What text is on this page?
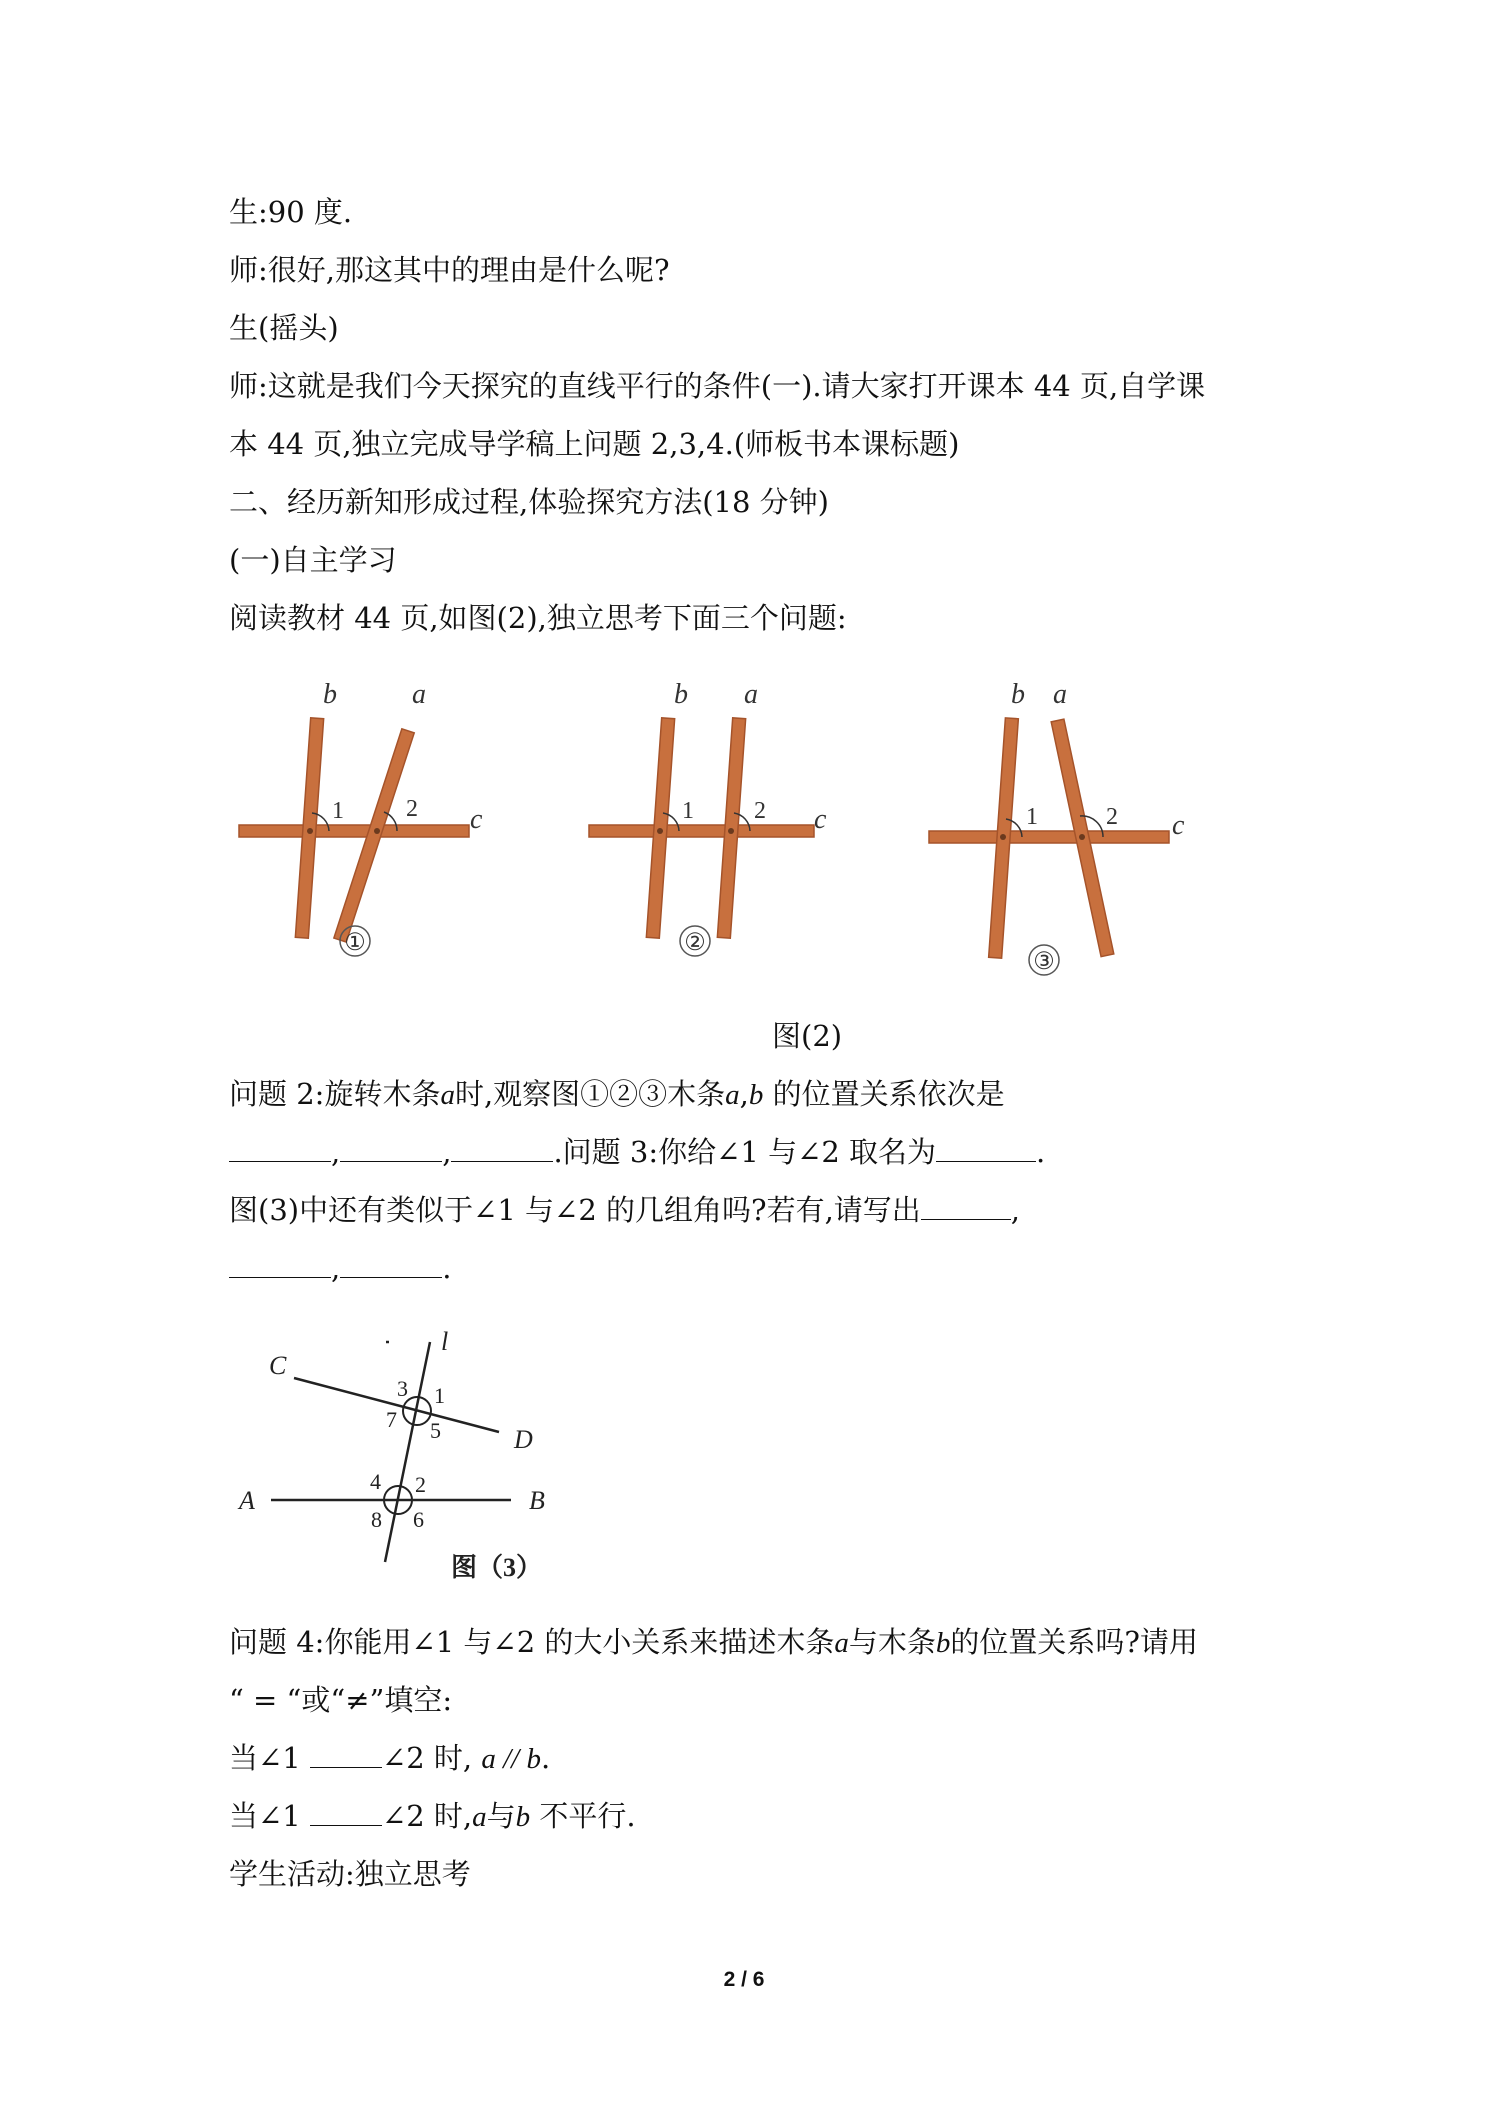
生:90 度.
师:很好,那这其中的理由是什么呢?
生(摇头)
师:这就是我们今天探究的直线平行的条件(一).请大家打开课本 44 页,自学课
本 44 页,独立完成导学稿上问题 2,3,4.(师板书本课标题)
二、经历新知形成过程,体验探究方法(18 分钟)
(一)自主学习
阅读教材 44 页,如图(2),独立思考下面三个问题:
b	a
c
1	2
①
b a
c
1	2
②
b a
c
1	2
③
图(2)
问题 2:旋转木条a时,观察图①②③木条a,b 的位置关系依次是
,	,	.问题 3:你给∠1 与∠2 取名为	.
图(3)中还有类似于∠1 与∠2 的几组角吗?若有,请写出	,
,	.
C
D
A	B
l
1
2
3
4
5
6
7
8
图（3）
问题 4:你能用∠1 与∠2 的大小关系来描述木条a与木条b的位置关系吗?请用
“ = “或“≠”填空:
当∠1 ∠2 时, a // b.
当∠1 ∠2 时,a与b 不平行.
学生活动:独立思考
2 / 6
